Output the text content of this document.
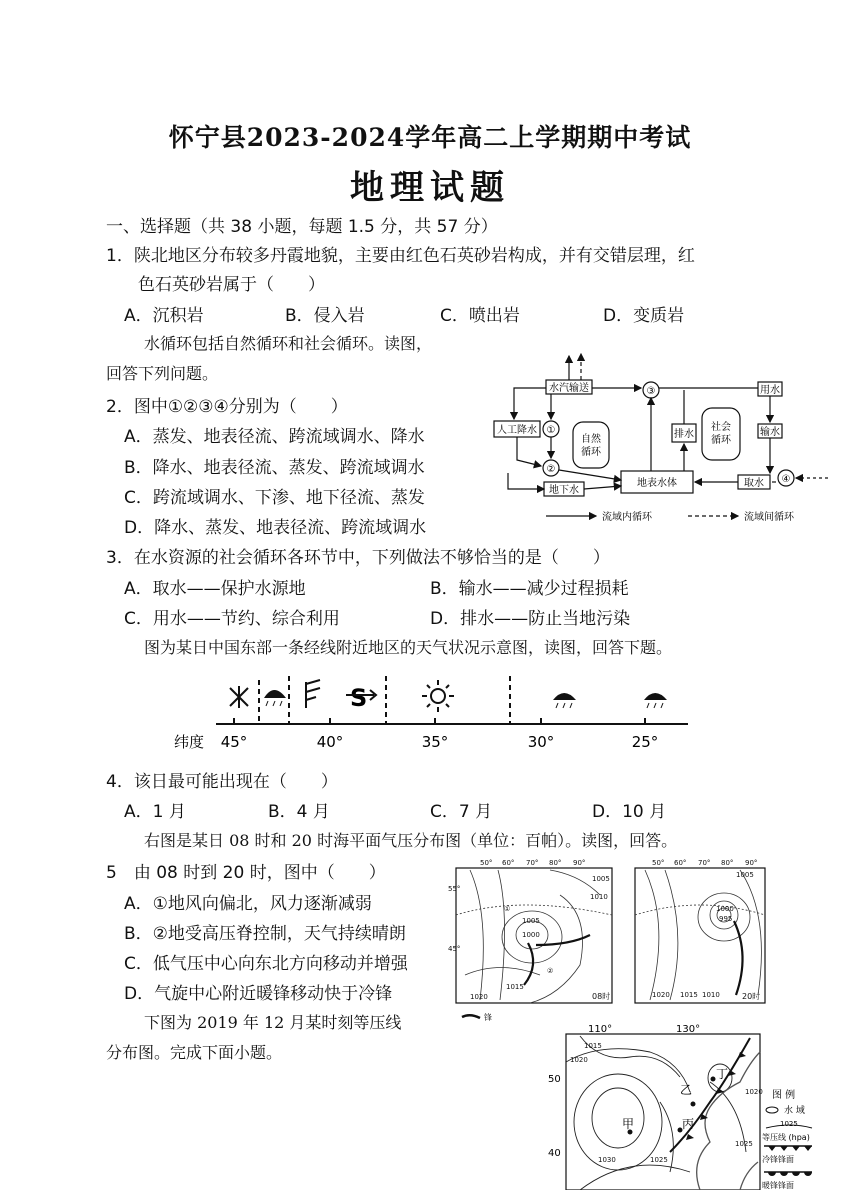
怀宁县2023-2024学年高二上学期期中考试
地理试题
一、选择题（共 38 小题，每题 1.5 分，共 57 分）
1．陕北地区分布较多丹霞地貌，主要由红色石英砂岩构成，并有交错层理，红
色石英砂岩属于（　　）
A．沉积岩	B．侵入岩	C．喷出岩	D．变质岩
水循环包括自然循环和社会循环。读图，
回答下列问题。
2．图中①②③④分别为（　　）
A．蒸发、地表径流、跨流域调水、降水
B．降水、地表径流、蒸发、跨流域调水
C．跨流域调水、下渗、地下径流、蒸发
D．降水、蒸发、地表径流、跨流域调水
水汽输送
人工降水
地下水
地表水体
排水
用水
输水
取水
自然
循环
社会
循环
①
②
③
④
流域内循环	流域间循环
3．在水资源的社会循环各环节中，下列做法不够恰当的是（　　）
A．取水——保护水源地	B．输水——减少过程损耗
C．用水——节约、综合利用	D．排水——防止当地污染
图为某日中国东部一条经线附近地区的天气状况示意图，读图，回答下题。
S
纬度 45°	40°	35°	30°	25°
4．该日最可能出现在（　　）
A．1 月	B．4 月	C．7 月	D．10 月
右图是某日 08 时和 20 时海平面气压分布图（单位：百帕）。读图，回答。
5　由 08 时到 20 时，图中（　　）
A．①地风向偏北，风力逐渐减弱
B．②地受高压脊控制，天气持续晴朗
C．低气压中心向东北方向移动并增强
D．气旋中心附近暖锋移动快于冷锋
50° 60° 70° 80° 90°
55°
45°
1005
1010
1005
1000
1020
1015
①
②
08时
50° 60° 70° 80° 90°
1005
1000
995
1020 1015 1010	20时
锋
下图为 2019 年 12 月某时刻等压线
分布图。完成下面小题。
110°	130°
50
40
丁
乙
丙
甲
1020
1015
1030	1025
1025
1020 图 例
水 域
1025
等压线 (hpa)
冷锋锋面
暖锋锋面
